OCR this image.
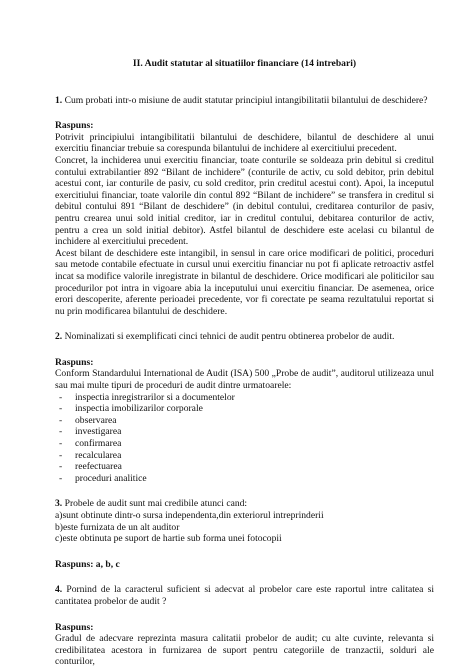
II. Audit statutar al situatiilor financiare (14 intrebari)

1. Cum probati intr-o misiune de audit statutar principiul intangibilitatii bilantului de deschidere?

Raspuns:

Potrivit principiului intangibilitatii bilantului de deschidere, bilantul de deschidere al unui exercitiu financiar trebuie sa corespunda bilantului de inchidere al exercitiului precedent.

Concret, la inchiderea unui exercitiu financiar, toate conturile se soldeaza prin debitul si creditul contului extrabilantier 892 “Bilant de inchidere” (conturile de activ, cu sold debitor, prin debitul acestui cont, iar conturile de pasiv, cu sold creditor, prin creditul acestui cont). Apoi, la inceputul exercitiului financiar, toate valorile din contul 892 “Bilant de inchidere” se transfera in creditul si debitul contului 891 “Bilant de deschidere” (in debitul contului, creditarea conturilor de pasiv, pentru crearea unui sold initial creditor, iar in creditul contului, debitarea conturilor de activ, pentru a crea un sold initial debitor). Astfel bilantul de deschidere este acelasi cu bilantul de inchidere al exercitiului precedent.

Acest bilant de deschidere este intangibil, in sensul in care orice modificari de politici, proceduri sau metode contabile efectuate in cursul unui exercitiu financiar nu pot fi aplicate retroactiv astfel incat sa modifice valorile inregistrate in bilantul de deschidere. Orice modificari ale politicilor sau procedurilor pot intra in vigoare abia la inceputului unui exercitiu financiar. De asemenea, orice erori descoperite, aferente perioadei precedente, vor fi corectate pe seama rezultatului reportat si nu prin modificarea bilantului de deschidere.

2. Nominalizati si exemplificati cinci tehnici de audit pentru obtinerea probelor de audit.

Raspuns:

Conform Standardului International de Audit (ISA) 500 „Probe de audit”, auditorul utilizeaza unul sau mai multe tipuri de proceduri de audit dintre urmatoarele:

-	inspectia inregistrarilor si a documentelor
-	inspectia imobilizarilor corporale
-	observarea
-	investigarea
-	confirmarea
-	recalcularea
-	reefectuarea
-	proceduri analitice

3. Probele de audit sunt mai credibile atunci cand:

a)sunt obtinute dintr-o sursa independenta,din exteriorul intreprinderii

b)este furnizata de un alt auditor

c)este obtinuta pe suport de hartie sub forma unei fotocopii

Raspuns: a, b, c

4. Pornind de la caracterul suficient si adecvat al probelor care este raportul intre calitatea si cantitatea probelor de audit ?

Raspuns:

Gradul de adecvare reprezinta masura calitatii probelor de audit; cu alte cuvinte, relevanta si credibilitatea acestora in furnizarea de suport pentru categoriile de tranzactii, solduri ale conturilor,
